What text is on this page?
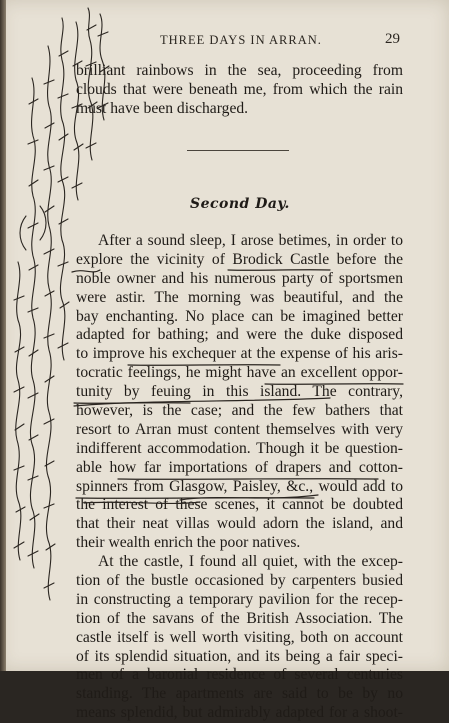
THREE DAYS IN ARRAN.	29
brilliant rainbows in the sea, proceeding from
clouds that were beneath me, from which the rain
must have been discharged.
Second Day.
After a sound sleep, I arose betimes, in order to
explore the vicinity of Brodick Castle before the
noble owner and his numerous party of sportsmen
were astir. The morning was beautiful, and the
bay enchanting. No place can be imagined better
adapted for bathing; and were the duke disposed
to improve his exchequer at the expense of his aris-
tocratic feelings, he might have an excellent oppor-
tunity by feuing in this island. The contrary,
however, is the case; and the few bathers that
resort to Arran must content themselves with very
indifferent accommodation. Though it be question-
able how far importations of drapers and cotton-
spinners from Glasgow, Paisley, &c., would add to
the interest of these scenes, it cannot be doubted
that their neat villas would adorn the island, and
their wealth enrich the poor natives.
At the castle, I found all quiet, with the excep-
tion of the bustle occasioned by carpenters busied
in constructing a temporary pavilion for the recep-
tion of the savans of the British Association. The
castle itself is well worth visiting, both on account
of its splendid situation, and its being a fair speci-
men of a baronial residence of several centuries
standing. The apartments are said to be by no
means splendid, but admirably adapted for a shoot-
